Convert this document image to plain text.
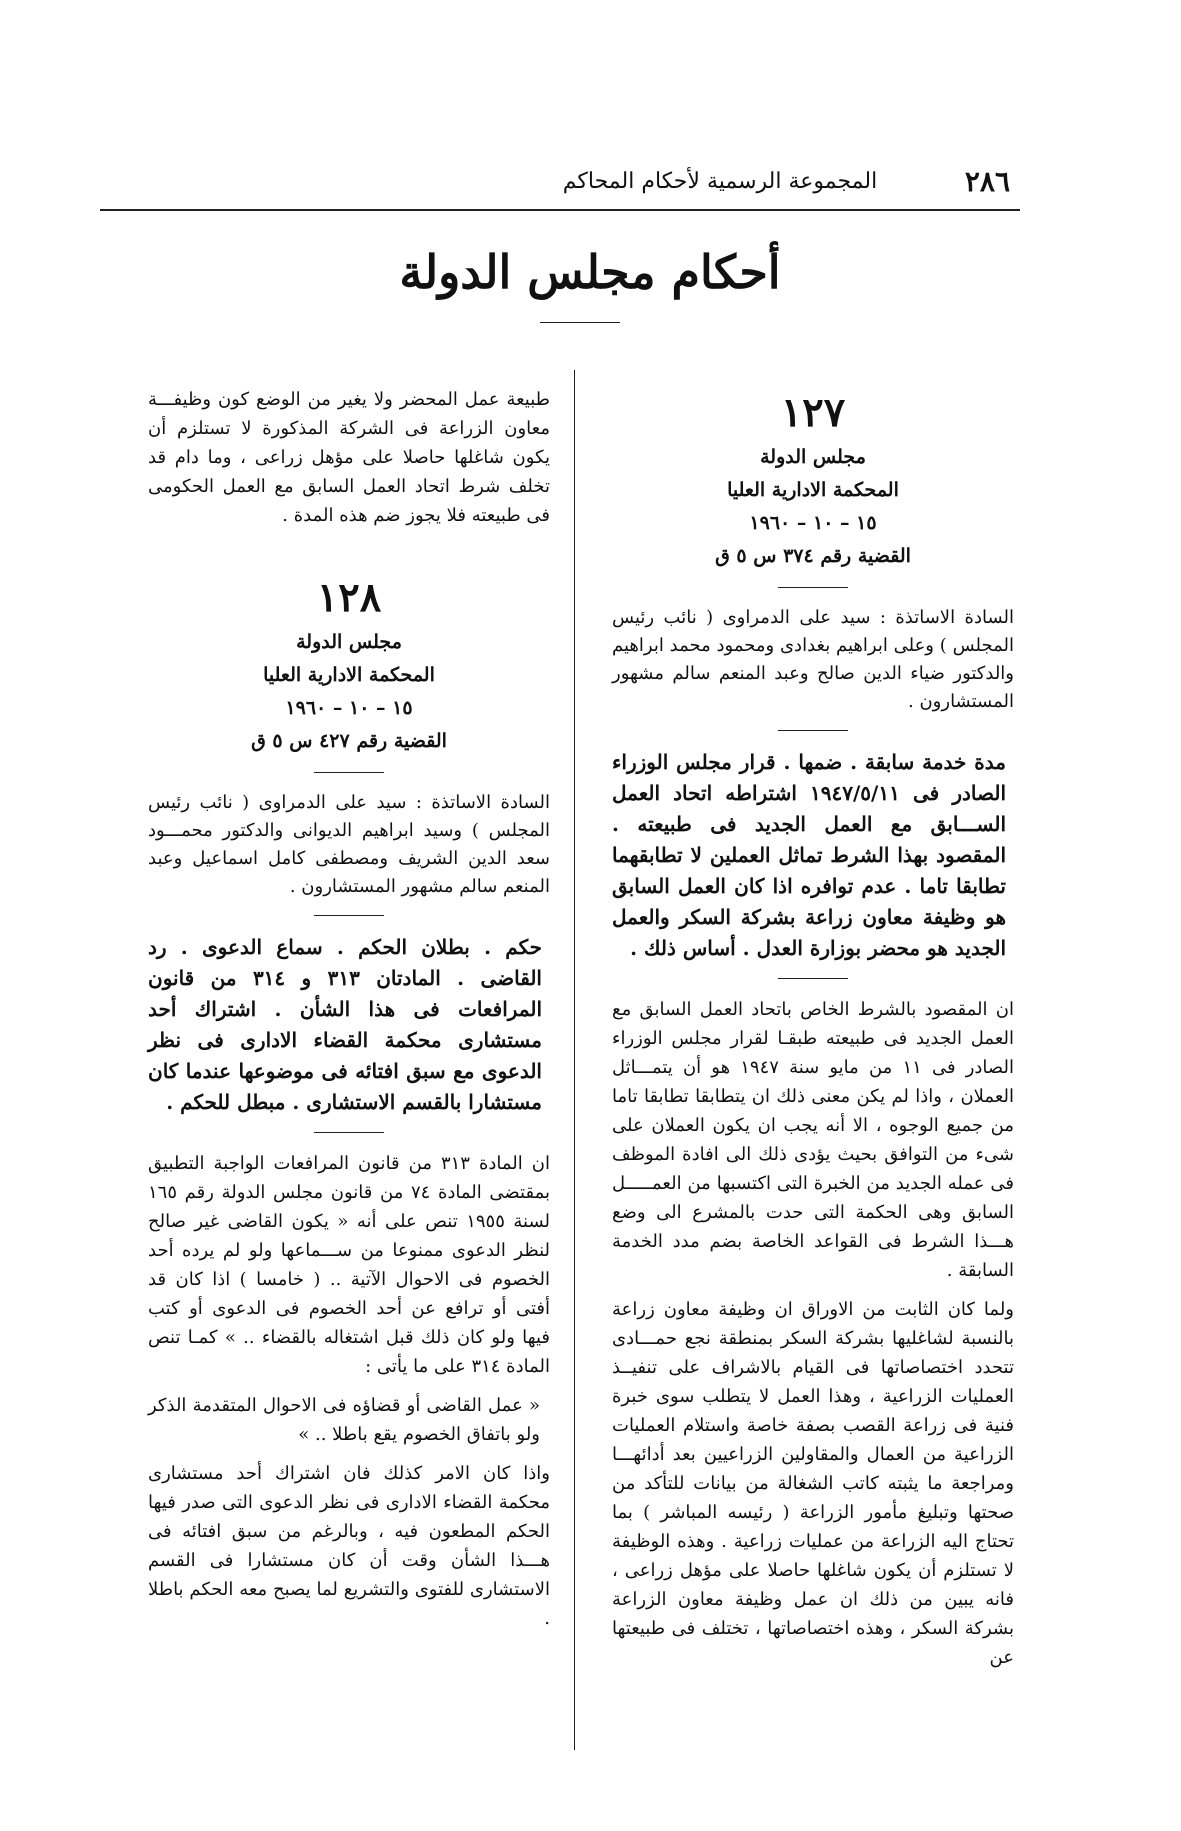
٢٨٦
المجموعة الرسمية لأحكام المحاكم
أحكام مجلس الدولة

١٢٧

مجلس الدولة
المحكمة الادارية العليا
١٥ – ١٠ – ١٩٦٠
القضية رقم ٣٧٤ س ٥ ق

السادة الاساتذة : سيد على الدمراوى ( نائب رئيس المجلس ) وعلى ابراهيم بغدادى ومحمود محمد ابراهيم والدكتور ضياء الدين صالح وعبد المنعم سالم مشهور المستشارون .

مدة خدمة سابقة . ضمها . قرار مجلس الوزراء الصادر فى ١٩٤٧/٥/١١ اشتراطه اتحاد العمل الســـابق مع العمل الجديد فى طبيعته . المقصود بهذا الشرط تماثل العملين لا تطابقهما تطابقا تاما . عدم توافره اذا كان العمل السابق هو وظيفة معاون زراعة بشركة السكر والعمل الجديد هو محضر بوزارة العدل . أساس ذلك .

ان المقصود بالشرط الخاص باتحاد العمل السابق مع العمل الجديد فى طبيعته طبقـا لقرار مجلس الوزراء الصادر فى ١١ من مايو سنة ١٩٤٧ هو أن يتمـــاثل العملان ، واذا لم يكن معنى ذلك ان يتطابقا تطابقا تاما من جميع الوجوه ، الا أنه يجب ان يكون العملان على شىء من التوافق بحيث يؤدى ذلك الى افادة الموظف فى عمله الجديد من الخبرة التى اكتسبها من العمـــــل السابق وهى الحكمة التى حدت بالمشرع الى وضع هـــذا الشرط فى القواعد الخاصة بضم مدد الخدمة السابقة .

ولما كان الثابت من الاوراق ان وظيفة معاون زراعة بالنسبة لشاغليها بشركة السكر بمنطقة نجع حمـــادى تتحدد اختصاصاتها فى القيام بالاشراف على تنفيــذ العمليات الزراعية ، وهذا العمل لا يتطلب سوى خبرة فنية فى زراعة القصب بصفة خاصة واستلام العمليات الزراعية من العمال والمقاولين الزراعيين بعد أدائهـــا ومراجعة ما يثبته كاتب الشغالة من بيانات للتأكد من صحتها وتبليغ مأمور الزراعة ( رئيسه المباشر ) بما تحتاج اليه الزراعة من عمليات زراعية . وهذه الوظيفة لا تستلزم أن يكون شاغلها حاصلا على مؤهل زراعى ، فانه يبين من ذلك ان عمل وظيفة معاون الزراعة بشركة السكر ، وهذه اختصاصاتها ، تختلف فى طبيعتها عن

طبيعة عمل المحضر ولا يغير من الوضع كون وظيفـــة معاون الزراعة فى الشركة المذكورة لا تستلزم أن يكون شاغلها حاصلا على مؤهل زراعى ، وما دام قد تخلف شرط اتحاد العمل السابق مع العمل الحكومى فى طبيعته فلا يجوز ضم هذه المدة .

١٢٨

مجلس الدولة
المحكمة الادارية العليا
١٥ – ١٠ – ١٩٦٠
القضية رقم ٤٢٧ س ٥ ق

السادة الاساتذة : سيد على الدمراوى ( نائب رئيس المجلس ) وسيد ابراهيم الديوانى والدكتور محمـــود سعد الدين الشريف ومصطفى كامل اسماعيل وعبد المنعم سالم مشهور المستشارون .

حكم . بطلان الحكم . سماع الدعوى . رد القاضى . المادتان ٣١٣ و ٣١٤ من قانون المرافعات فى هذا الشأن . اشتراك أحد مستشارى محكمة القضاء الادارى فى نظر الدعوى مع سبق افتائه فى موضوعها عندما كان مستشارا بالقسم الاستشارى . مبطل للحكم .

ان المادة ٣١٣ من قانون المرافعات الواجبة التطبيق بمقتضى المادة ٧٤ من قانون مجلس الدولة رقم ١٦٥ لسنة ١٩٥٥ تنص على أنه « يكون القاضى غير صالح لنظر الدعوى ممنوعا من ســـماعها ولو لم يرده أحد الخصوم فى الاحوال الآتية .. ( خامسا ) اذا كان قد أفتى أو ترافع عن أحد الخصوم فى الدعوى أو كتب فيها ولو كان ذلك قبل اشتغاله بالقضاء .. » كمـا تنص المادة ٣١٤ على ما يأتى :

« عمل القاضى أو قضاؤه فى الاحوال المتقدمة الذكر ولو باتفاق الخصوم يقع باطلا .. »

واذا كان الامر كذلك فان اشتراك أحد مستشارى محكمة القضاء الادارى فى نظر الدعوى التى صدر فيها الحكم المطعون فيه ، وبالرغم من سبق افتائه فى هـــذا الشأن وقت أن كان مستشارا فى القسم الاستشارى للفتوى والتشريع لما يصبح معه الحكم باطلا .
